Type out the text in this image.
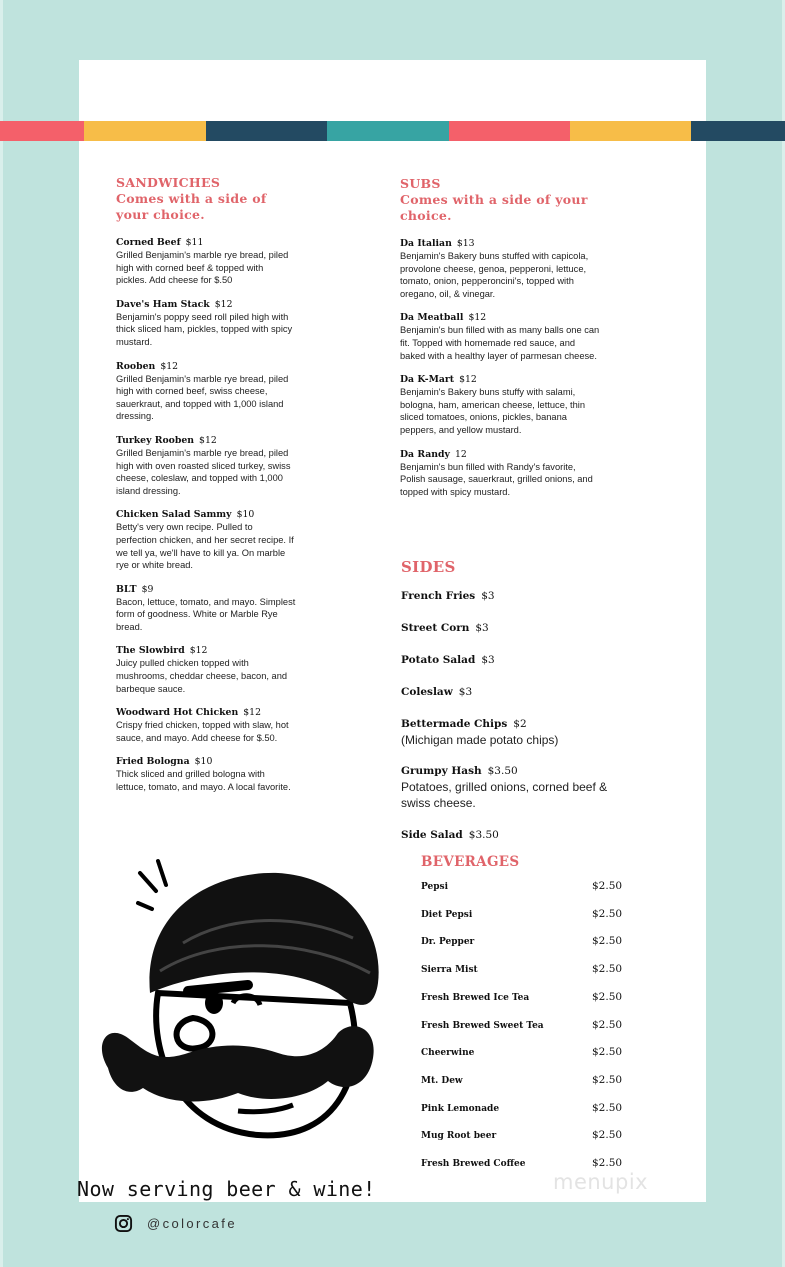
SANDWICHES
Comes with a side of your choice.
Corned Beef $11
Grilled Benjamin's marble rye bread, piled high with corned beef & topped with pickles. Add cheese for $.50
Dave's Ham Stack $12
Benjamin's poppy seed roll piled high with thick sliced ham, pickles, topped with spicy mustard.
Rooben $12
Grilled Benjamin's marble rye bread, piled high with corned beef, swiss cheese, sauerkraut, and topped with 1,000 island dressing.
Turkey Rooben $12
Grilled Benjamin's marble rye bread, piled high with oven roasted sliced turkey, swiss cheese, coleslaw, and topped with 1,000 island dressing.
Chicken Salad Sammy $10
Betty's very own recipe. Pulled to perfection chicken, and her secret recipe. If we tell ya, we'll have to kill ya. On marble rye or white bread.
BLT $9
Bacon, lettuce, tomato, and mayo. Simplest form of goodness. White or Marble Rye bread.
The Slowbird $12
Juicy pulled chicken topped with mushrooms, cheddar cheese, bacon, and barbeque sauce.
Woodward Hot Chicken $12
Crispy fried chicken, topped with slaw, hot sauce, and mayo. Add cheese for $.50.
Fried Bologna $10
Thick sliced and grilled bologna with lettuce, tomato, and mayo. A local favorite.
SUBS
Comes with a side of your choice.
Da Italian $13
Benjamin's Bakery buns stuffed with capicola, provolone cheese, genoa, pepperoni, lettuce, tomato, onion, pepperoncini's, topped with oregano, oil, & vinegar.
Da Meatball $12
Benjamin's bun filled with as many balls one can fit. Topped with homemade red sauce, and baked with a healthy layer of parmesan cheese.
Da K-Mart $12
Benjamin's Bakery buns stuffy with salami, bologna, ham, american cheese, lettuce, thin sliced tomatoes, onions, pickles, banana peppers, and yellow mustard.
Da Randy 12
Benjamin's bun filled with Randy's favorite, Polish sausage, sauerkraut, grilled onions, and topped with spicy mustard.
SIDES
French Fries $3
Street Corn $3
Potato Salad $3
Coleslaw $3
Bettermade Chips $2
(Michigan made potato chips)
Grumpy Hash $3.50
Potatoes, grilled onions, corned beef & swiss cheese.
Side Salad $3.50
BEVERAGES
Pepsi	$2.50
Diet Pepsi	$2.50
Dr. Pepper	$2.50
Sierra Mist	$2.50
Fresh Brewed Ice Tea	$2.50
Fresh Brewed Sweet Tea	$2.50
Cheerwine	$2.50
Mt. Dew	$2.50
Pink Lemonade	$2.50
Mug Root beer	$2.50
Fresh Brewed Coffee	$2.50
Now serving beer & wine!
@colorcafe
menupix
